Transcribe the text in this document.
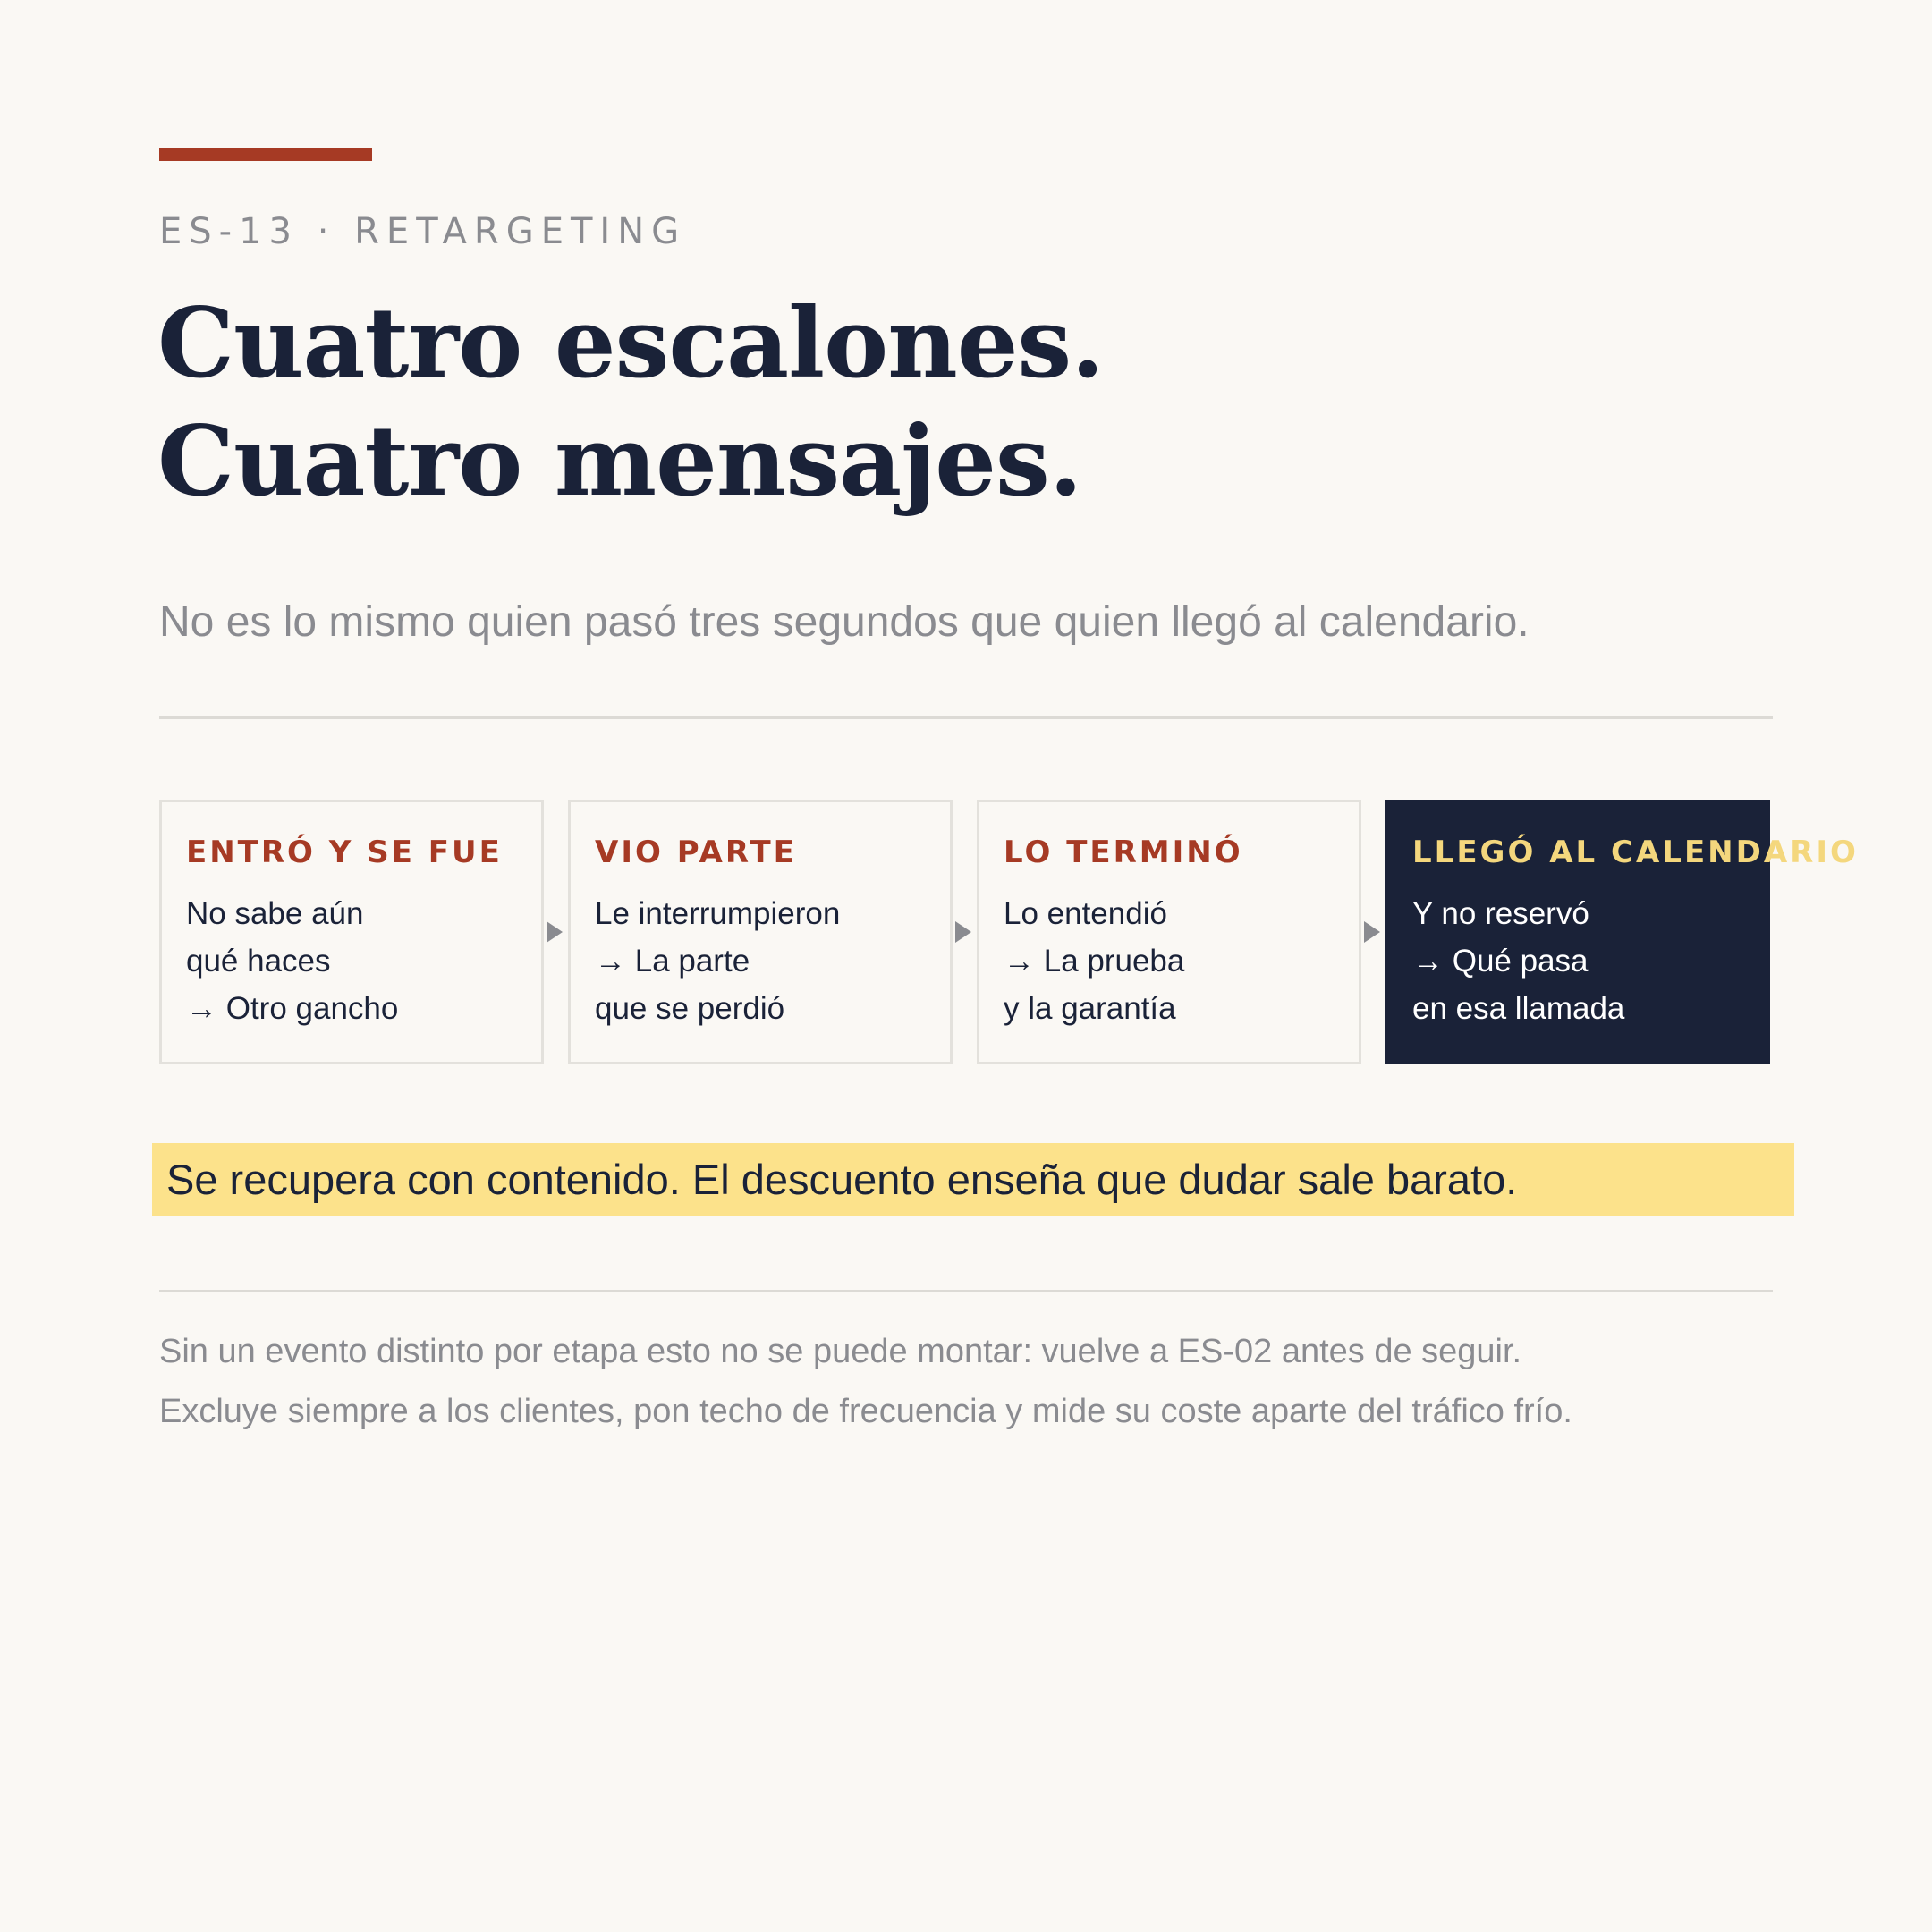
ES-13 · RETARGETING
Cuatro escalones.
Cuatro mensajes.
No es lo mismo quien pasó tres segundos que quien llegó al calendario.
ENTRÓ Y SE FUE
No sabe aún
qué haces
→ Otro gancho
VIO PARTE
Le interrumpieron
→ La parte
que se perdió
LO TERMINÓ
Lo entendió
→ La prueba
y la garantía
LLEGÓ AL CALENDARIO
Y no reservó
→ Qué pasa
en esa llamada
Se recupera con contenido. El descuento enseña que dudar sale barato.
Sin un evento distinto por etapa esto no se puede montar: vuelve a ES-02 antes de seguir.
Excluye siempre a los clientes, pon techo de frecuencia y mide su coste aparte del tráfico frío.
